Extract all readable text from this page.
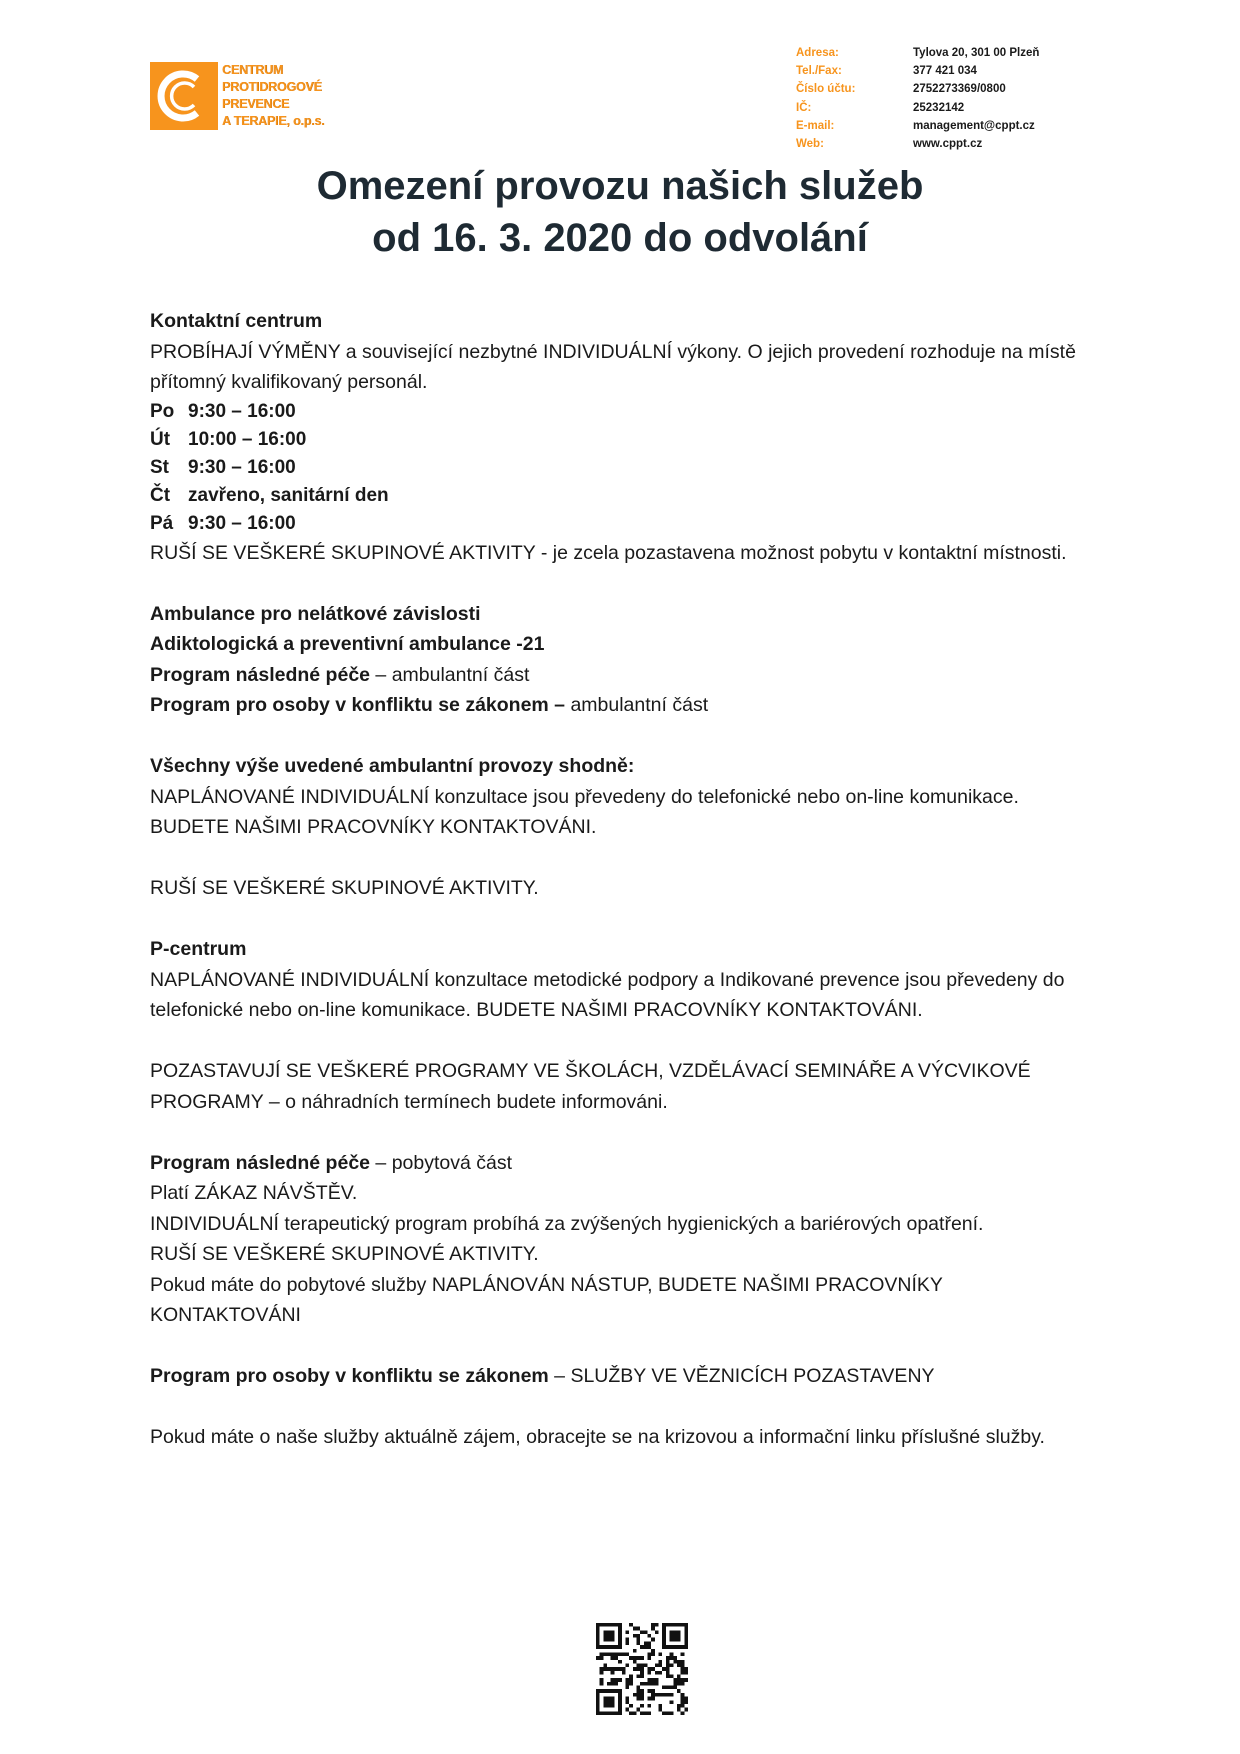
CENTRUM
PROTIDROGOVÉ
PREVENCE
A TERAPIE, o.p.s.
Adresa:	Tylova 20, 301 00 Plzeň
Tel./Fax:	377 421 034
Číslo účtu:	2752273369/0800
IČ:	25232142
E-mail:	management@cppt.cz
Web:	www.cppt.cz
Omezení provozu našich služeb
od 16. 3. 2020 do odvolání

Kontaktní centrum

PROBÍHAJÍ VÝMĚNY a související nezbytné INDIVIDUÁLNÍ výkony. O jejich provedení rozhoduje na místě přítomný kvalifikovaný personál.

Po 9:30 – 16:00
Út 10:00 – 16:00
St 9:30 – 16:00
Čt zavřeno, sanitární den
Pá 9:30 – 16:00

RUŠÍ SE VEŠKERÉ SKUPINOVÉ AKTIVITY - je zcela pozastavena možnost pobytu v kontaktní místnosti.

Ambulance pro nelátkové závislosti

Adiktologická a preventivní ambulance -21

Program následné péče – ambulantní část

Program pro osoby v konfliktu se zákonem – ambulantní část

Všechny výše uvedené ambulantní provozy shodně:

NAPLÁNOVANÉ INDIVIDUÁLNÍ konzultace jsou převedeny do telefonické nebo on-line komunikace. BUDETE NAŠIMI PRACOVNÍKY KONTAKTOVÁNI.

RUŠÍ SE VEŠKERÉ SKUPINOVÉ AKTIVITY.

P-centrum

NAPLÁNOVANÉ INDIVIDUÁLNÍ konzultace metodické podpory a Indikované prevence jsou převedeny do telefonické nebo on-line komunikace. BUDETE NAŠIMI PRACOVNÍKY KONTAKTOVÁNI.

POZASTAVUJÍ SE VEŠKERÉ PROGRAMY VE ŠKOLÁCH, VZDĚLÁVACÍ SEMINÁŘE A VÝCVIKOVÉ PROGRAMY – o náhradních termínech budete informováni.

Program následné péče – pobytová část

Platí ZÁKAZ NÁVŠTĚV.

INDIVIDUÁLNÍ terapeutický program probíhá za zvýšených hygienických a bariérových opatření.

RUŠÍ SE VEŠKERÉ SKUPINOVÉ AKTIVITY.

Pokud máte do pobytové služby NAPLÁNOVÁN NÁSTUP, BUDETE NAŠIMI PRACOVNÍKY KONTAKTOVÁNI

Program pro osoby v konfliktu se zákonem – SLUŽBY VE VĚZNICÍCH POZASTAVENY

Pokud máte o naše služby aktuálně zájem, obracejte se na krizovou a informační linku příslušné služby.
